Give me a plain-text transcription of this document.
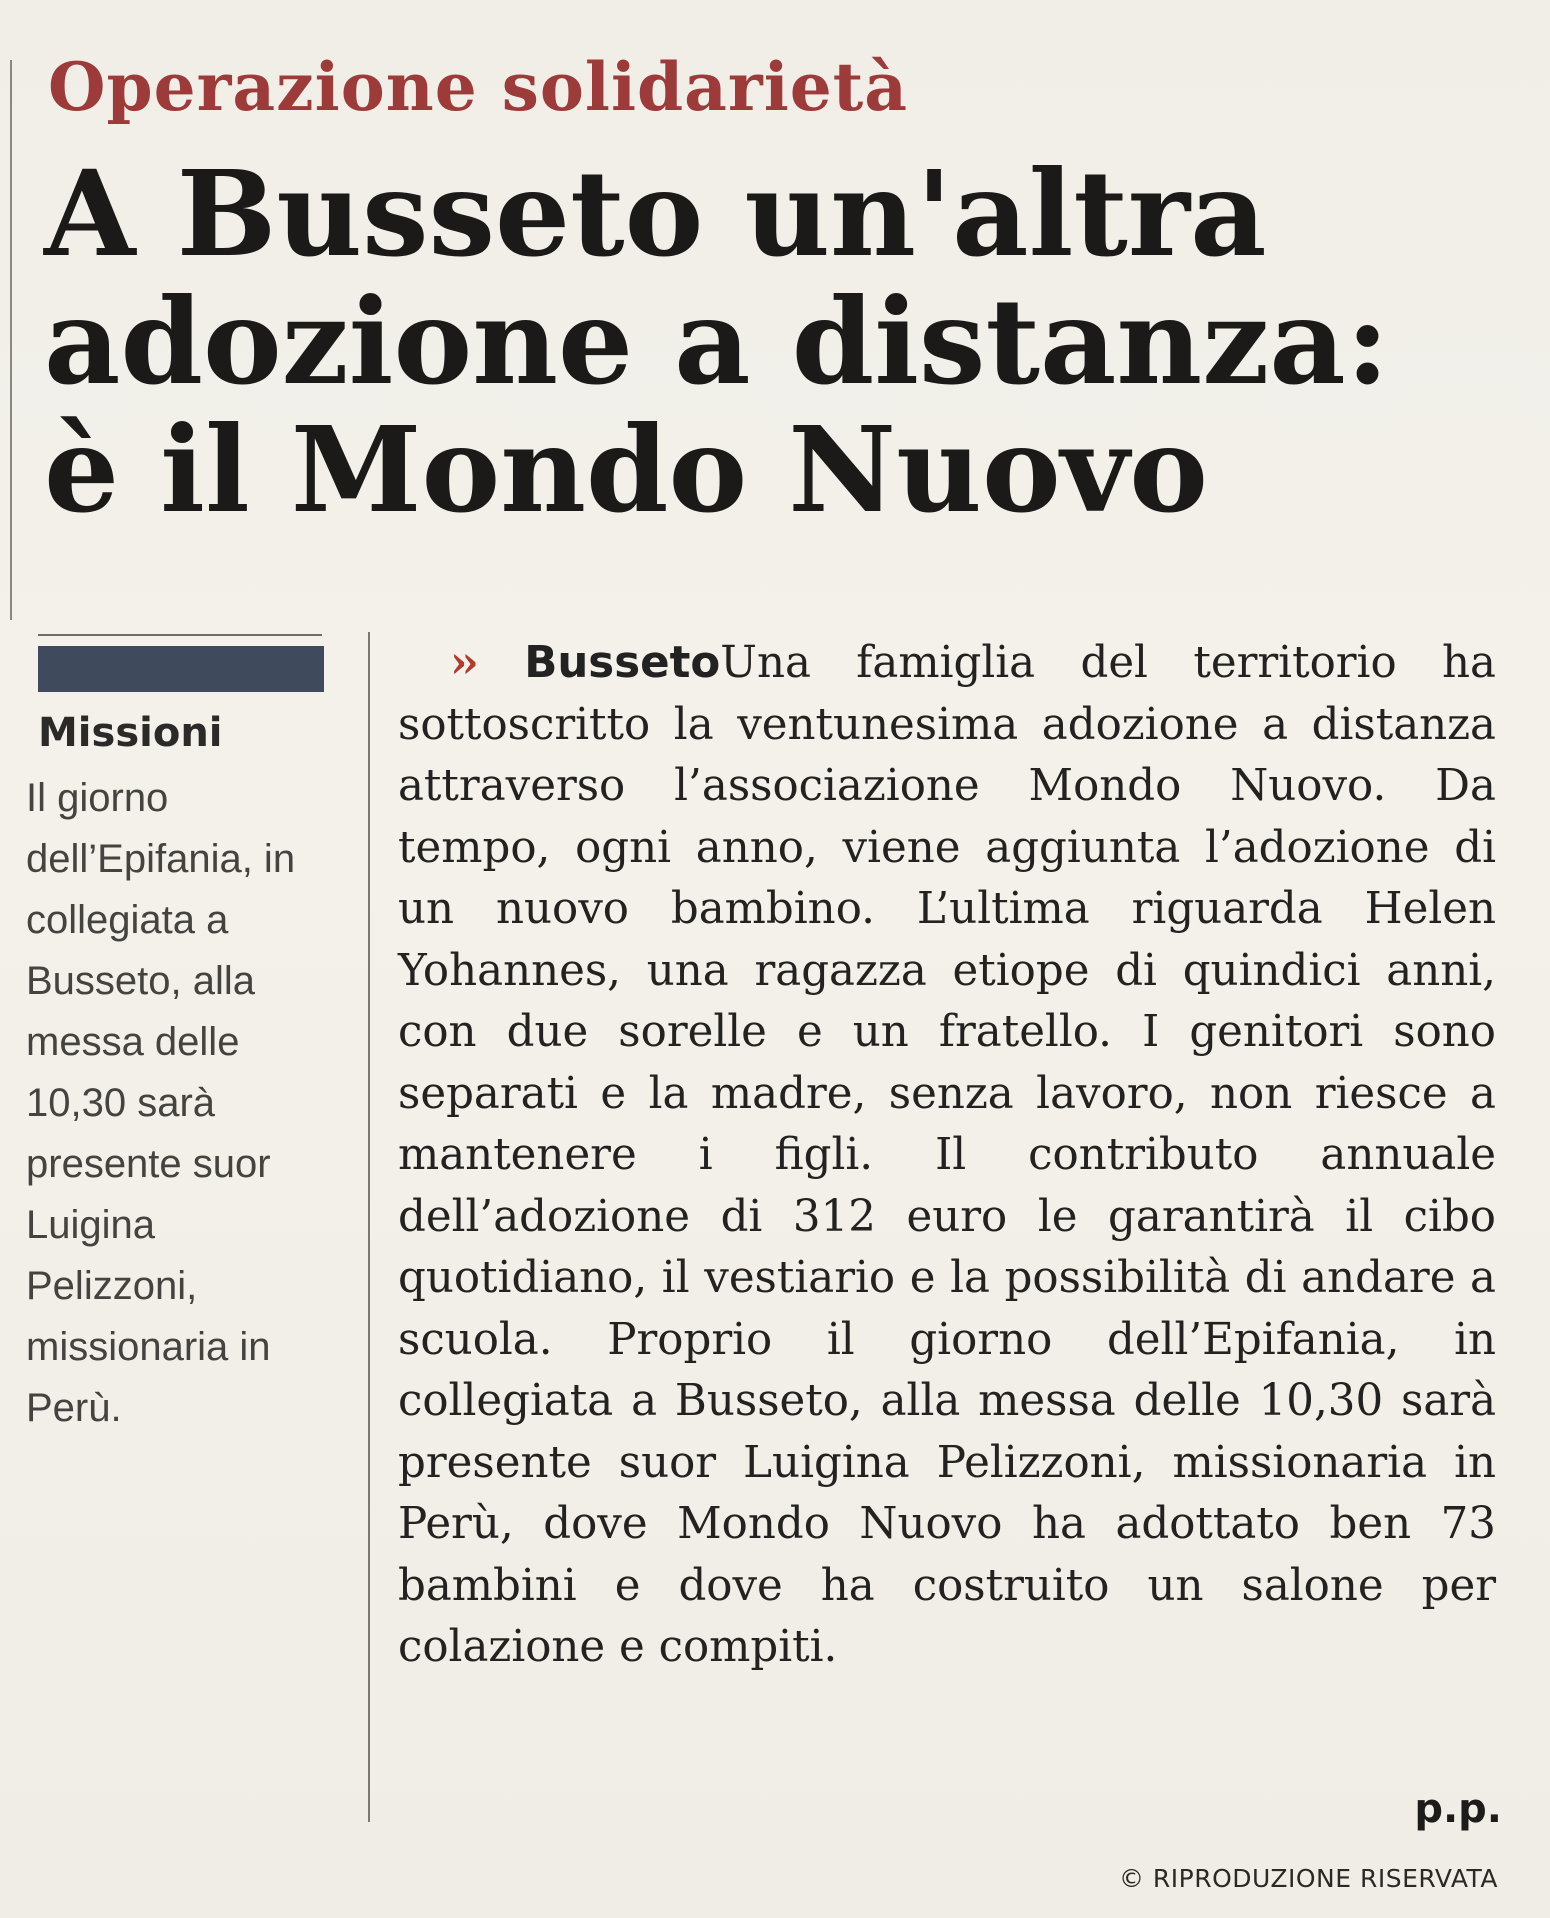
Operazione solidarietà
A Busseto un'altra
adozione a distanza:
è il Mondo Nuovo
Missioni
Il giorno dell’Epifania, in collegiata a Busseto, alla messa delle 10,30 sarà presente suor Luigina Pelizzoni, missionaria in Perù.
›› BussetoUna famiglia del territorio ha sottoscritto la ventunesima adozione a distanza attraverso l’associazione Mondo Nuovo. Da tempo, ogni anno, viene aggiunta l’adozione di un nuovo bambino. L’ultima riguarda Helen Yohannes, una ragazza etiope di quindici anni, con due sorelle e un fratello. I genitori sono separati e la madre, senza lavoro, non riesce a mantenere i figli. Il contributo annuale dell’adozione di 312 euro le garantirà il cibo quotidiano, il vestiario e la possibilità di andare a scuola. Proprio il giorno dell’Epifania, in collegiata a Busseto, alla messa delle 10,30 sarà presente suor Luigina Pelizzoni, missionaria in Perù, dove Mondo Nuovo ha adottato ben 73 bambini e dove ha costruito un salone per colazione e compiti.
p.p.
© RIPRODUZIONE RISERVATA
